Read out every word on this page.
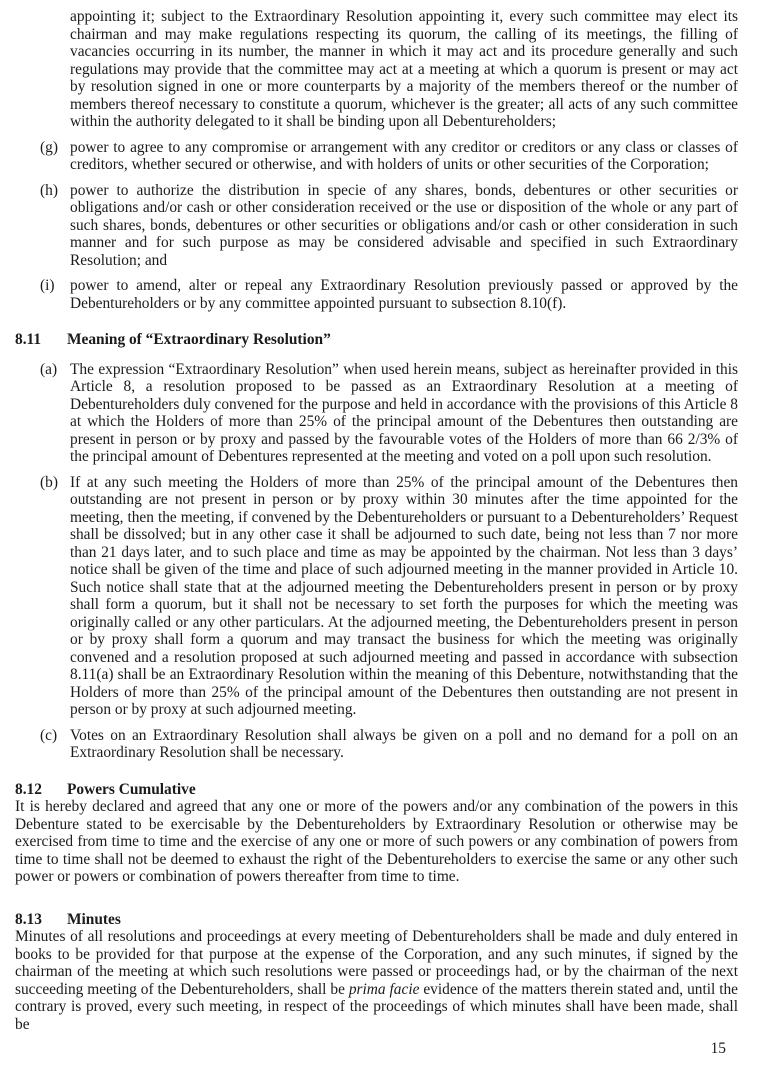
appointing it; subject to the Extraordinary Resolution appointing it, every such committee may elect its chairman and may make regulations respecting its quorum, the calling of its meetings, the filling of vacancies occurring in its number, the manner in which it may act and its procedure generally and such regulations may provide that the committee may act at a meeting at which a quorum is present or may act by resolution signed in one or more counterparts by a majority of the members thereof or the number of members thereof necessary to constitute a quorum, whichever is the greater; all acts of any such committee within the authority delegated to it shall be binding upon all Debentureholders;

(g) power to agree to any compromise or arrangement with any creditor or creditors or any class or classes of creditors, whether secured or otherwise, and with holders of units or other securities of the Corporation;

(h) power to authorize the distribution in specie of any shares, bonds, debentures or other securities or obligations and/or cash or other consideration received or the use or disposition of the whole or any part of such shares, bonds, debentures or other securities or obligations and/or cash or other consideration in such manner and for such purpose as may be considered advisable and specified in such Extraordinary Resolution; and

(i) power to amend, alter or repeal any Extraordinary Resolution previously passed or approved by the Debentureholders or by any committee appointed pursuant to subsection 8.10(f).

8.11 Meaning of “Extraordinary Resolution”
(a) The expression “Extraordinary Resolution” when used herein means, subject as hereinafter provided in this Article 8, a resolution proposed to be passed as an Extraordinary Resolution at a meeting of Debentureholders duly convened for the purpose and held in accordance with the provisions of this Article 8 at which the Holders of more than 25% of the principal amount of the Debentures then outstanding are present in person or by proxy and passed by the favourable votes of the Holders of more than 66 2/3% of the principal amount of Debentures represented at the meeting and voted on a poll upon such resolution.

(b) If at any such meeting the Holders of more than 25% of the principal amount of the Debentures then outstanding are not present in person or by proxy within 30 minutes after the time appointed for the meeting, then the meeting, if convened by the Debentureholders or pursuant to a Debentureholders’ Request shall be dissolved; but in any other case it shall be adjourned to such date, being not less than 7 nor more than 21 days later, and to such place and time as may be appointed by the chairman. Not less than 3 days’ notice shall be given of the time and place of such adjourned meeting in the manner provided in Article 10. Such notice shall state that at the adjourned meeting the Debentureholders present in person or by proxy shall form a quorum, but it shall not be necessary to set forth the purposes for which the meeting was originally called or any other particulars. At the adjourned meeting, the Debentureholders present in person or by proxy shall form a quorum and may transact the business for which the meeting was originally convened and a resolution proposed at such adjourned meeting and passed in accordance with subsection 8.11(a) shall be an Extraordinary Resolution within the meaning of this Debenture, notwithstanding that the Holders of more than 25% of the principal amount of the Debentures then outstanding are not present in person or by proxy at such adjourned meeting.

(c) Votes on an Extraordinary Resolution shall always be given on a poll and no demand for a poll on an Extraordinary Resolution shall be necessary.

8.12 Powers Cumulative

It is hereby declared and agreed that any one or more of the powers and/or any combination of the powers in this Debenture stated to be exercisable by the Debentureholders by Extraordinary Resolution or otherwise may be exercised from time to time and the exercise of any one or more of such powers or any combination of powers from time to time shall not be deemed to exhaust the right of the Debentureholders to exercise the same or any other such power or powers or combination of powers thereafter from time to time.

8.13 Minutes

Minutes of all resolutions and proceedings at every meeting of Debentureholders shall be made and duly entered in books to be provided for that purpose at the expense of the Corporation, and any such minutes, if signed by the chairman of the meeting at which such resolutions were passed or proceedings had, or by the chairman of the next succeeding meeting of the Debentureholders, shall be prima facie evidence of the matters therein stated and, until the contrary is proved, every such meeting, in respect of the proceedings of which minutes shall have been made, shall be

15
